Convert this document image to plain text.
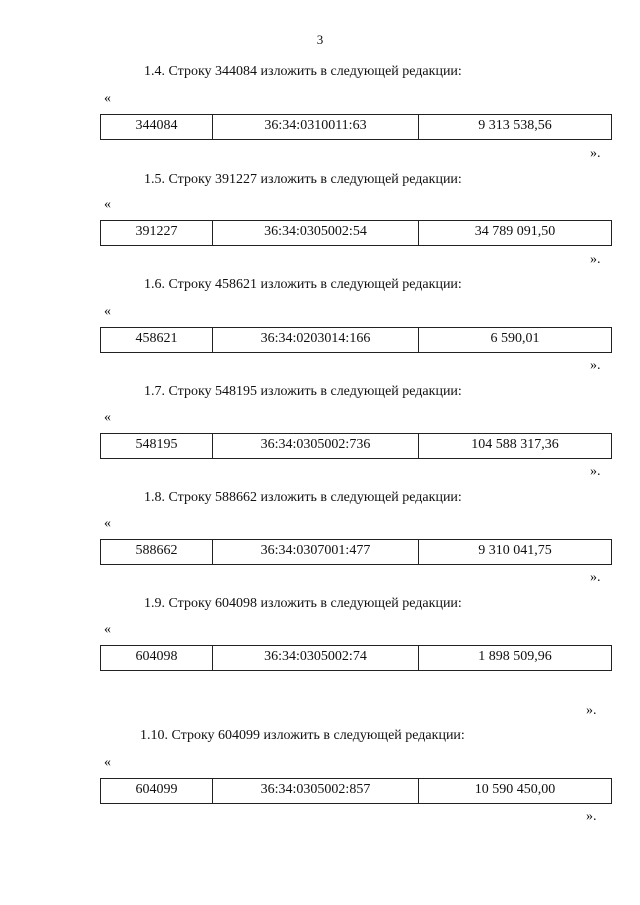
3
1.4. Строку 344084 изложить в следующей редакции:
«
344084	36:34:0310011:63	9 313 538,56
».
1.5. Строку 391227 изложить в следующей редакции:
«
391227	36:34:0305002:54	34 789 091,50
».
1.6. Строку 458621 изложить в следующей редакции:
«
458621	36:34:0203014:166	6 590,01
».
1.7. Строку 548195 изложить в следующей редакции:
«
548195	36:34:0305002:736	104 588 317,36
».
1.8. Строку 588662 изложить в следующей редакции:
«
588662	36:34:0307001:477	9 310 041,75
».
1.9. Строку 604098 изложить в следующей редакции:
«
604098	36:34:0305002:74	1 898 509,96
».
1.10. Строку 604099 изложить в следующей редакции:
«
604099	36:34:0305002:857	10 590 450,00
».
